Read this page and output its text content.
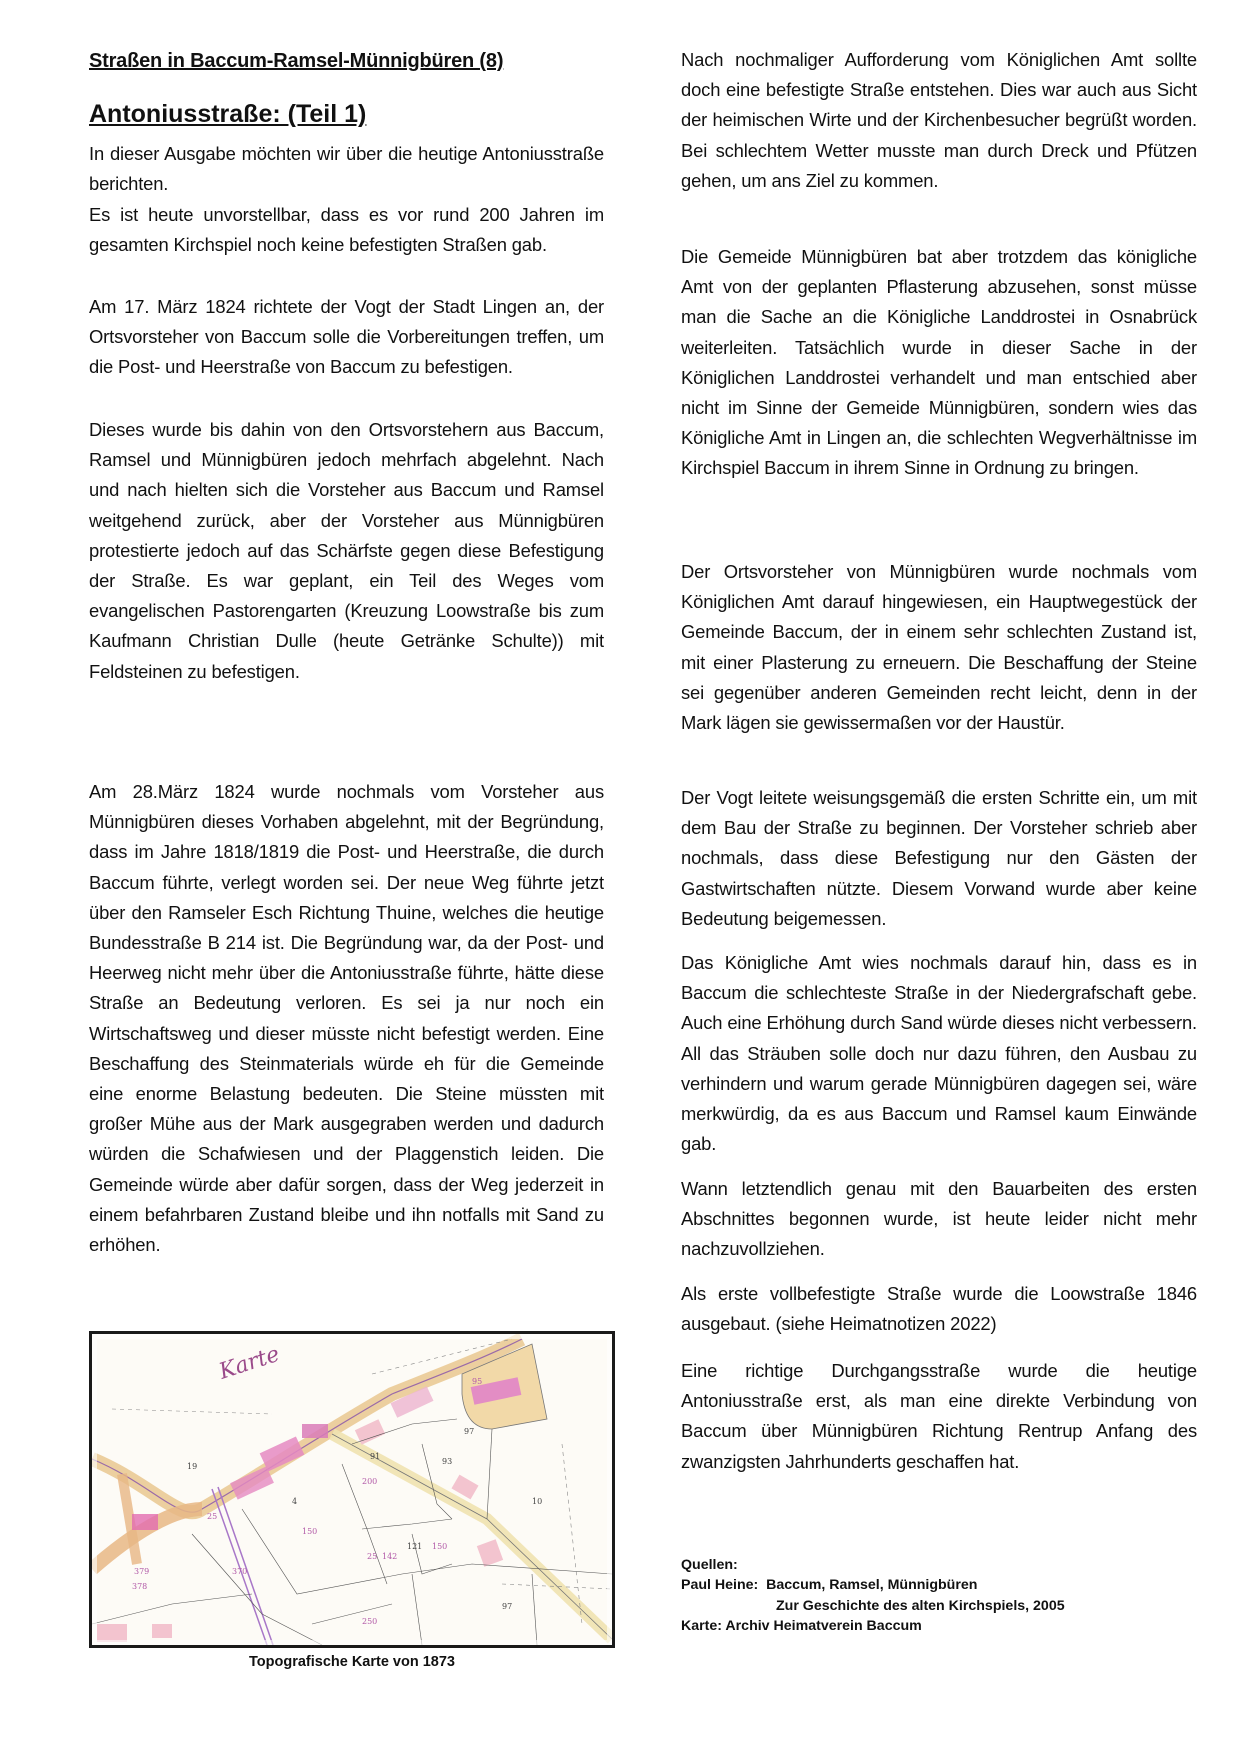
Straßen in Baccum-Ramsel-Münnigbüren (8)
Antoniusstraße: (Teil 1)

In dieser Ausgabe möchten wir über die heutige Antoniusstraße berichten.

Es ist heute unvorstellbar, dass es vor rund 200 Jahren im gesamten Kirchspiel noch keine befestigten Straßen gab.

Am 17. März 1824 richtete der Vogt der Stadt Lingen an, der Ortsvorsteher von Baccum solle die Vorbereitungen treffen, um die Post- und Heerstraße von Baccum zu befestigen.

Dieses wurde bis dahin von den Ortsvorstehern aus Baccum, Ramsel und Münnigbüren jedoch mehrfach abgelehnt. Nach und nach hielten sich die Vorsteher aus Baccum und Ramsel weitgehend zurück, aber der Vorsteher aus Münnigbüren protestierte jedoch auf das Schärfste gegen diese Befestigung der Straße. Es war geplant, ein Teil des Weges vom evangelischen Pastorengarten (Kreuzung Loowstraße bis zum Kaufmann Christian Dulle (heute Getränke Schulte)) mit Feldsteinen zu befestigen.

Am 28.März 1824 wurde nochmals vom Vorsteher aus Münnigbüren dieses Vorhaben abgelehnt, mit der Begründung, dass im Jahre 1818/1819 die Post- und Heerstraße, die durch Baccum führte, verlegt worden sei. Der neue Weg führte jetzt über den Ramseler Esch Richtung Thuine, welches die heutige Bundesstraße B 214 ist. Die Begründung war, da der Post- und Heerweg nicht mehr über die Antoniusstraße führte, hätte diese Straße an Bedeutung verloren. Es sei ja nur noch ein Wirtschaftsweg und dieser müsste nicht befestigt werden. Eine Beschaffung des Steinmaterials würde eh für die Gemeinde eine enorme Belastung bedeuten. Die Steine müssten mit großer Mühe aus der Mark ausgegraben werden und dadurch würden die Schafwiesen und der Plaggenstich leiden. Die Gemeinde würde aber dafür sorgen, dass der Weg jederzeit in einem befahrbaren Zustand bleibe und ihn notfalls mit Sand zu erhöhen.

Karte
379
25
150
25 142
150
370
200
250
378
95
91
93
97
10
97
121
19
4
Topografische Karte von 1873

Nach nochmaliger Aufforderung vom Königlichen Amt sollte doch eine befestigte Straße entstehen. Dies war auch aus Sicht der heimischen Wirte und der Kirchenbesucher begrüßt worden. Bei schlechtem Wetter musste man durch Dreck und Pfützen gehen, um ans Ziel zu kommen.

Die Gemeide Münnigbüren bat aber trotzdem das königliche Amt von der geplanten Pflasterung abzusehen, sonst müsse man die Sache an die Königliche Landdrostei in Osnabrück weiterleiten. Tatsächlich wurde in dieser Sache in der Königlichen Landdrostei verhandelt und man entschied aber nicht im Sinne der Gemeide Münnigbüren, sondern wies das Königliche Amt in Lingen an, die schlechten Wegverhältnisse im Kirchspiel Baccum in ihrem Sinne in Ordnung zu bringen.

Der Ortsvorsteher von Münnigbüren wurde nochmals vom Königlichen Amt darauf hingewiesen, ein Hauptwegestück der Gemeinde Baccum, der in einem sehr schlechten Zustand ist, mit einer Plasterung zu erneuern. Die Beschaffung der Steine sei gegenüber anderen Gemeinden recht leicht, denn in der Mark lägen sie gewissermaßen vor der Haustür.

Der Vogt leitete weisungsgemäß die ersten Schritte ein, um mit dem Bau der Straße zu beginnen. Der Vorsteher schrieb aber nochmals, dass diese Befestigung nur den Gästen der Gastwirtschaften nützte. Diesem Vorwand wurde aber keine Bedeutung beigemessen.

Das Königliche Amt wies nochmals darauf hin, dass es in Baccum die schlechteste Straße in der Niedergrafschaft gebe. Auch eine Erhöhung durch Sand würde dieses nicht verbessern. All das Sträuben solle doch nur dazu führen, den Ausbau zu verhindern und warum gerade Münnigbüren dagegen sei, wäre merkwürdig, da es aus Baccum und Ramsel kaum Einwände gab.

Wann letztendlich genau mit den Bauarbeiten des ersten Abschnittes begonnen wurde, ist heute leider nicht mehr nachzuvollziehen.

Als erste vollbefestigte Straße wurde die Loowstraße 1846 ausgebaut. (siehe Heimatnotizen 2022)

Eine richtige Durchgangsstraße wurde die heutige Antoniusstraße erst, als man eine direkte Verbindung von Baccum über Münnigbüren Richtung Rentrup Anfang des zwanzigsten Jahrhunderts geschaffen hat.

Quellen:
Paul Heine:  Baccum, Ramsel, Münnigbüren
Zur Geschichte des alten Kirchspiels, 2005
Karte: Archiv Heimatverein Baccum
